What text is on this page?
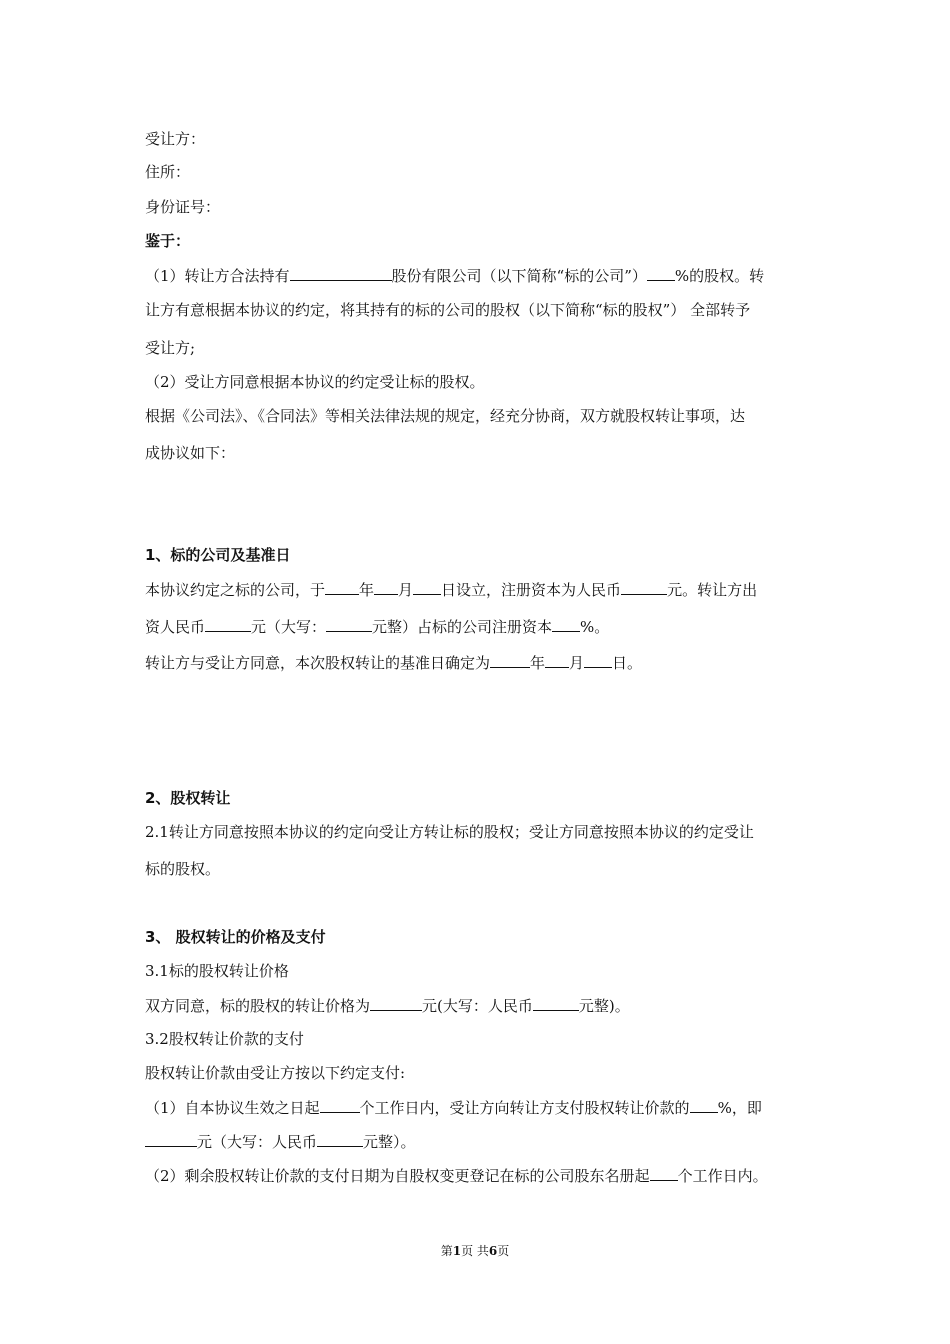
受让方：
住所：
身份证号：
鉴于：
（1）转让方合法持有	股份有限公司（以下简称“标的公司”） %的股权。转
让方有意根据本协议的约定，将其持有的标的公司的股权（以下简称“标的股权”） 全部转予
受让方;
（2）受让方同意根据本协议的约定受让标的股权。
根据《公司法》、《合同法》等相关法律法规的规定，经充分协商，双方就股权转让事项，达
成协议如下：
1、标的公司及基准日
本协议约定之标的公司，于 年 月 日设立，注册资本为人民币	元。转让方出
资人民币	元（大写：	元整）占标的公司注册资本 %。
转让方与受让方同意，本次股权转让的基准日确定为	年 月 日。
2、股权转让
2.1转让方同意按照本协议的约定向受让方转让标的股权；受让方同意按照本协议的约定受让
标的股权。
3、 股权转让的价格及支付
3.1标的股权转让价格
双方同意，标的股权的转让价格为	元(大写：人民币	元整)。
3.2股权转让价款的支付
股权转让价款由受让方按以下约定支付:
（1）自本协议生效之日起	个工作日内，受让方向转让方支付股权转让价款的 %，即
元（大写：人民币	元整）。
（2）剩余股权转让价款的支付日期为自股权变更登记在标的公司股东名册起 个工作日内。
第1页 共6页
